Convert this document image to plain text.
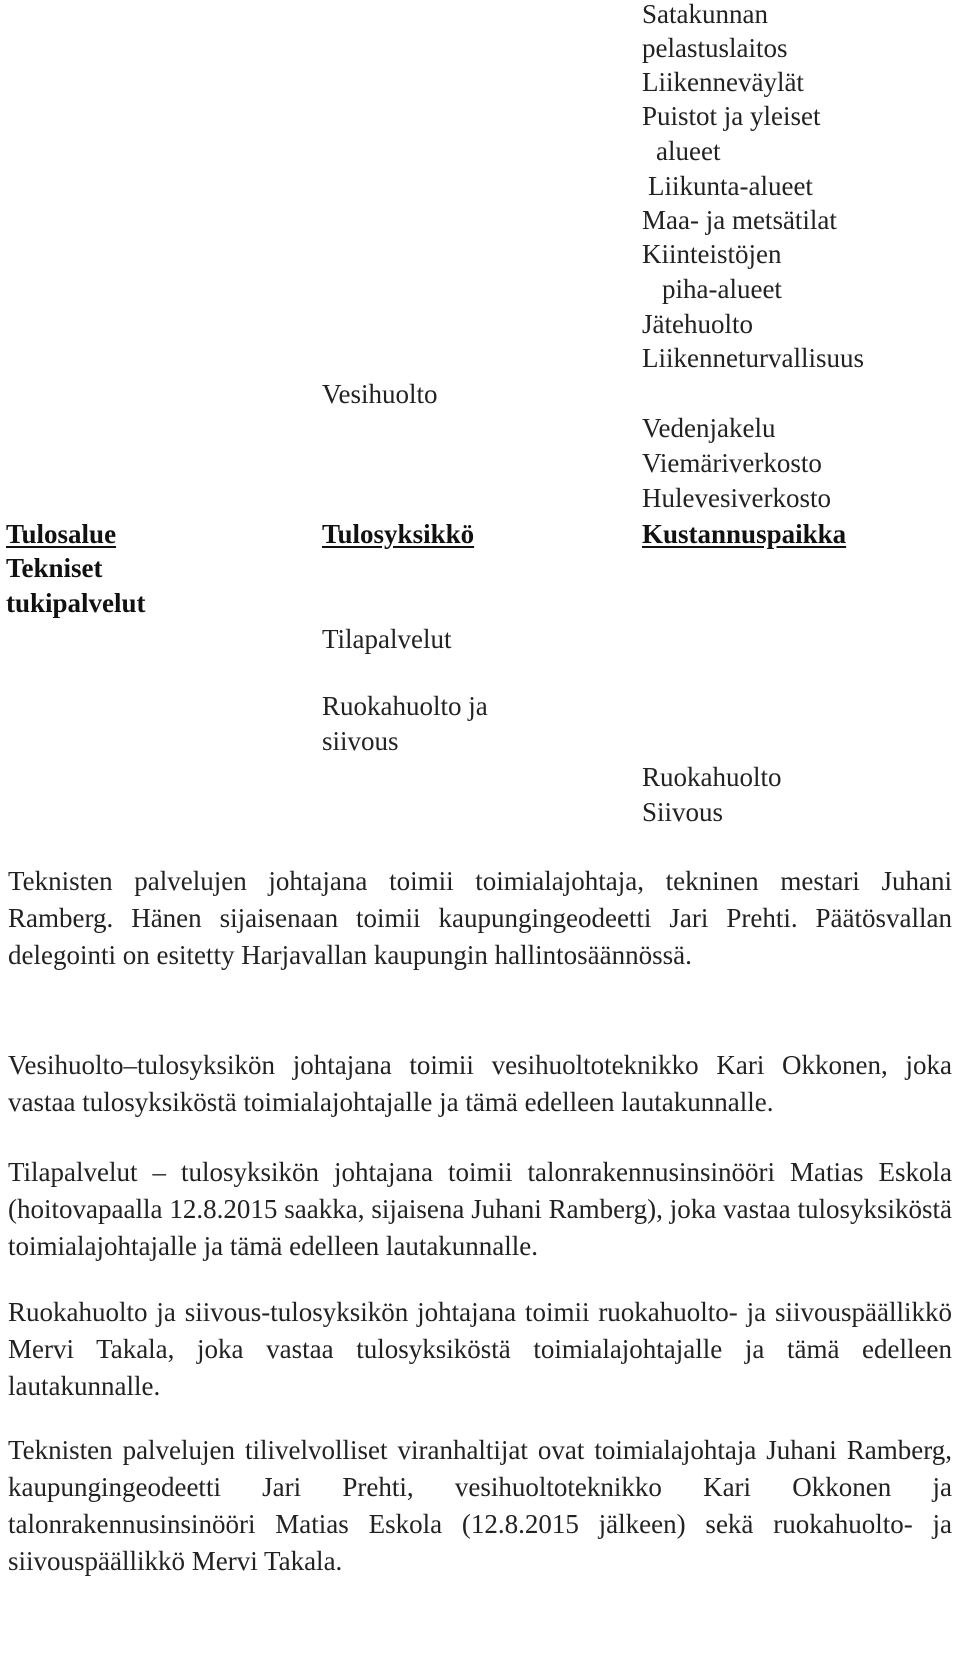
Satakunnan
pelastuslaitos
Liikenneväylät
Puistot ja yleiset
alueet
Liikunta-alueet
Maa- ja metsätilat
Kiinteistöjen
piha-alueet
Jätehuolto
Liikenneturvallisuus
Vedenjakelu
Viemäriverkosto
Hulevesiverkosto
Vesihuolto
Tulosalue	Tulosyksikkö	Kustannuspaikka
Tekniset
tukipalvelut
Tilapalvelut
Ruokahuolto ja
siivous
Ruokahuolto
Siivous

Teknisten palvelujen johtajana toimii toimialajohtaja, tekninen mestari Juhani Ramberg. Hänen sijaisenaan toimii kaupungingeodeetti Jari Prehti. Päätösvallan delegointi on esitetty Harjavallan kaupungin hallintosäännössä.

Vesihuolto–tulosyksikön johtajana toimii vesihuoltoteknikko Kari Okkonen, joka vastaa tulosyksiköstä toimialajohtajalle ja tämä edelleen lautakunnalle.

Tilapalvelut – tulosyksikön johtajana toimii talonrakennusinsinööri Matias Eskola (hoitovapaalla 12.8.2015 saakka, sijaisena Juhani Ramberg), joka vastaa tulosyksiköstä toimialajohtajalle ja tämä edelleen lautakunnalle.

Ruokahuolto ja siivous-tulosyksikön johtajana toimii ruokahuolto- ja siivouspäällikkö Mervi Takala, joka vastaa tulosyksiköstä toimialajohtajalle ja tämä edelleen lautakunnalle.

Teknisten palvelujen tilivelvolliset viranhaltijat ovat toimialajohtaja Juhani Ramberg, kaupungingeodeetti Jari Prehti, vesihuoltoteknikko Kari Okkonen ja talonrakennusinsinööri Matias Eskola (12.8.2015 jälkeen) sekä ruokahuolto- ja siivouspäällikkö Mervi Takala.
